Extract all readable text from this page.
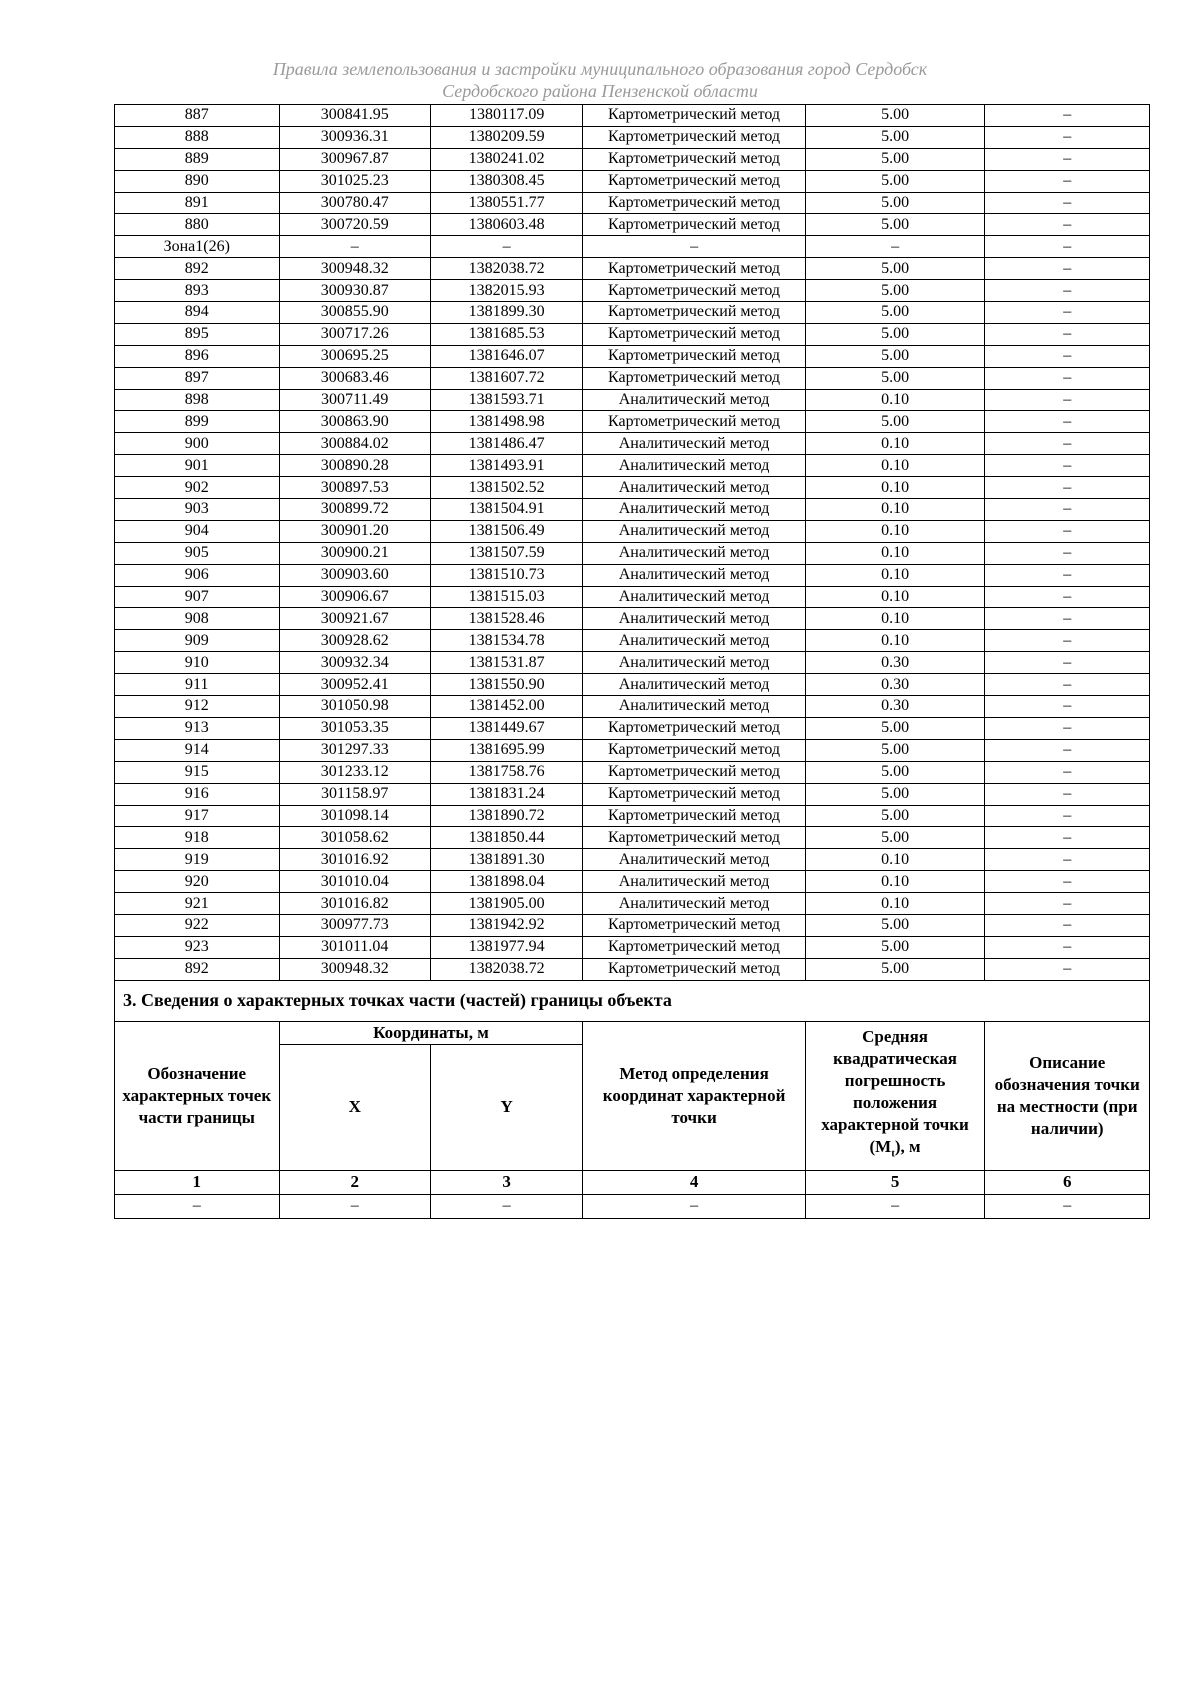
Правила землепользования и застройки муниципального образования город Сердобск
Сердобского района Пензенской области
887	300841.95	1380117.09	Картометрический метод	5.00	–
888	300936.31	1380209.59	Картометрический метод	5.00	–
889	300967.87	1380241.02	Картометрический метод	5.00	–
890	301025.23	1380308.45	Картометрический метод	5.00	–
891	300780.47	1380551.77	Картометрический метод	5.00	–
880	300720.59	1380603.48	Картометрический метод	5.00	–
Зона1(26)	–	–	–	–	–
892	300948.32	1382038.72	Картометрический метод	5.00	–
893	300930.87	1382015.93	Картометрический метод	5.00	–
894	300855.90	1381899.30	Картометрический метод	5.00	–
895	300717.26	1381685.53	Картометрический метод	5.00	–
896	300695.25	1381646.07	Картометрический метод	5.00	–
897	300683.46	1381607.72	Картометрический метод	5.00	–
898	300711.49	1381593.71	Аналитический метод	0.10	–
899	300863.90	1381498.98	Картометрический метод	5.00	–
900	300884.02	1381486.47	Аналитический метод	0.10	–
901	300890.28	1381493.91	Аналитический метод	0.10	–
902	300897.53	1381502.52	Аналитический метод	0.10	–
903	300899.72	1381504.91	Аналитический метод	0.10	–
904	300901.20	1381506.49	Аналитический метод	0.10	–
905	300900.21	1381507.59	Аналитический метод	0.10	–
906	300903.60	1381510.73	Аналитический метод	0.10	–
907	300906.67	1381515.03	Аналитический метод	0.10	–
908	300921.67	1381528.46	Аналитический метод	0.10	–
909	300928.62	1381534.78	Аналитический метод	0.10	–
910	300932.34	1381531.87	Аналитический метод	0.30	–
911	300952.41	1381550.90	Аналитический метод	0.30	–
912	301050.98	1381452.00	Аналитический метод	0.30	–
913	301053.35	1381449.67	Картометрический метод	5.00	–
914	301297.33	1381695.99	Картометрический метод	5.00	–
915	301233.12	1381758.76	Картометрический метод	5.00	–
916	301158.97	1381831.24	Картометрический метод	5.00	–
917	301098.14	1381890.72	Картометрический метод	5.00	–
918	301058.62	1381850.44	Картометрический метод	5.00	–
919	301016.92	1381891.30	Аналитический метод	0.10	–
920	301010.04	1381898.04	Аналитический метод	0.10	–
921	301016.82	1381905.00	Аналитический метод	0.10	–
922	300977.73	1381942.92	Картометрический метод	5.00	–
923	301011.04	1381977.94	Картометрический метод	5.00	–
892	300948.32	1382038.72	Картометрический метод	5.00	–
3. Сведения о характерных точках части (частей) границы объекта					
Обозначение характерных точек части границы	Координаты, м		Метод определения координат характерной точки	Средняя квадратическая погрешность положения характерной точки $(M_t)$, м	Описание обозначения точки на местности (при наличии)
	X	Y			
1	2	3	4	5	6
–	–	–	–	–	–
